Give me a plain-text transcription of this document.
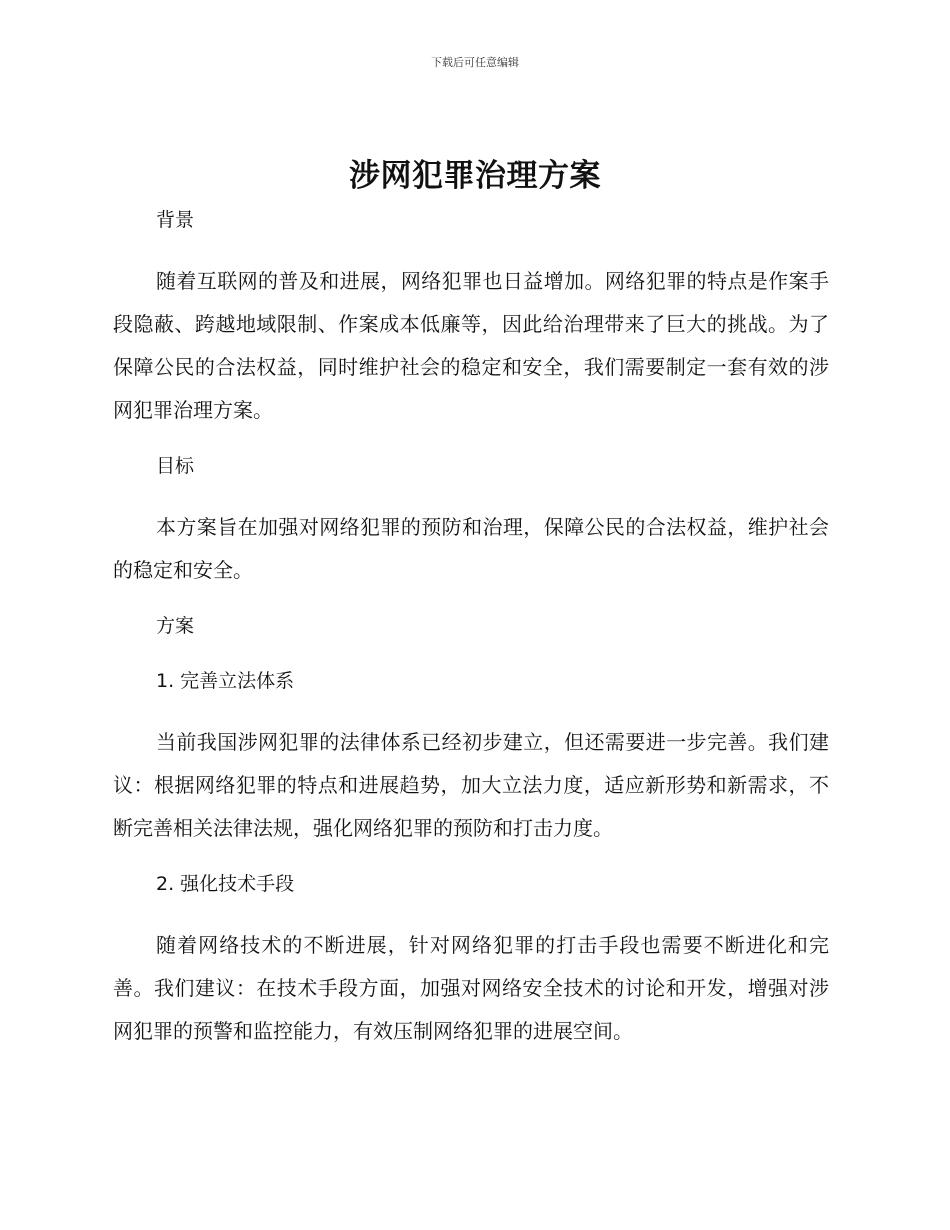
下载后可任意编辑
涉网犯罪治理方案
背景

随着互联网的普及和进展，网络犯罪也日益增加。网络犯罪的特点是作案手段隐蔽、跨越地域限制、作案成本低廉等，因此给治理带来了巨大的挑战。为了保障公民的合法权益，同时维护社会的稳定和安全，我们需要制定一套有效的涉网犯罪治理方案。

目标

本方案旨在加强对网络犯罪的预防和治理，保障公民的合法权益，维护社会的稳定和安全。

方案
1. 完善立法体系

当前我国涉网犯罪的法律体系已经初步建立，但还需要进一步完善。我们建议：根据网络犯罪的特点和进展趋势，加大立法力度，适应新形势和新需求，不断完善相关法律法规，强化网络犯罪的预防和打击力度。

2. 强化技术手段

随着网络技术的不断进展，针对网络犯罪的打击手段也需要不断进化和完善。我们建议：在技术手段方面，加强对网络安全技术的讨论和开发，增强对涉网犯罪的预警和监控能力，有效压制网络犯罪的进展空间。
